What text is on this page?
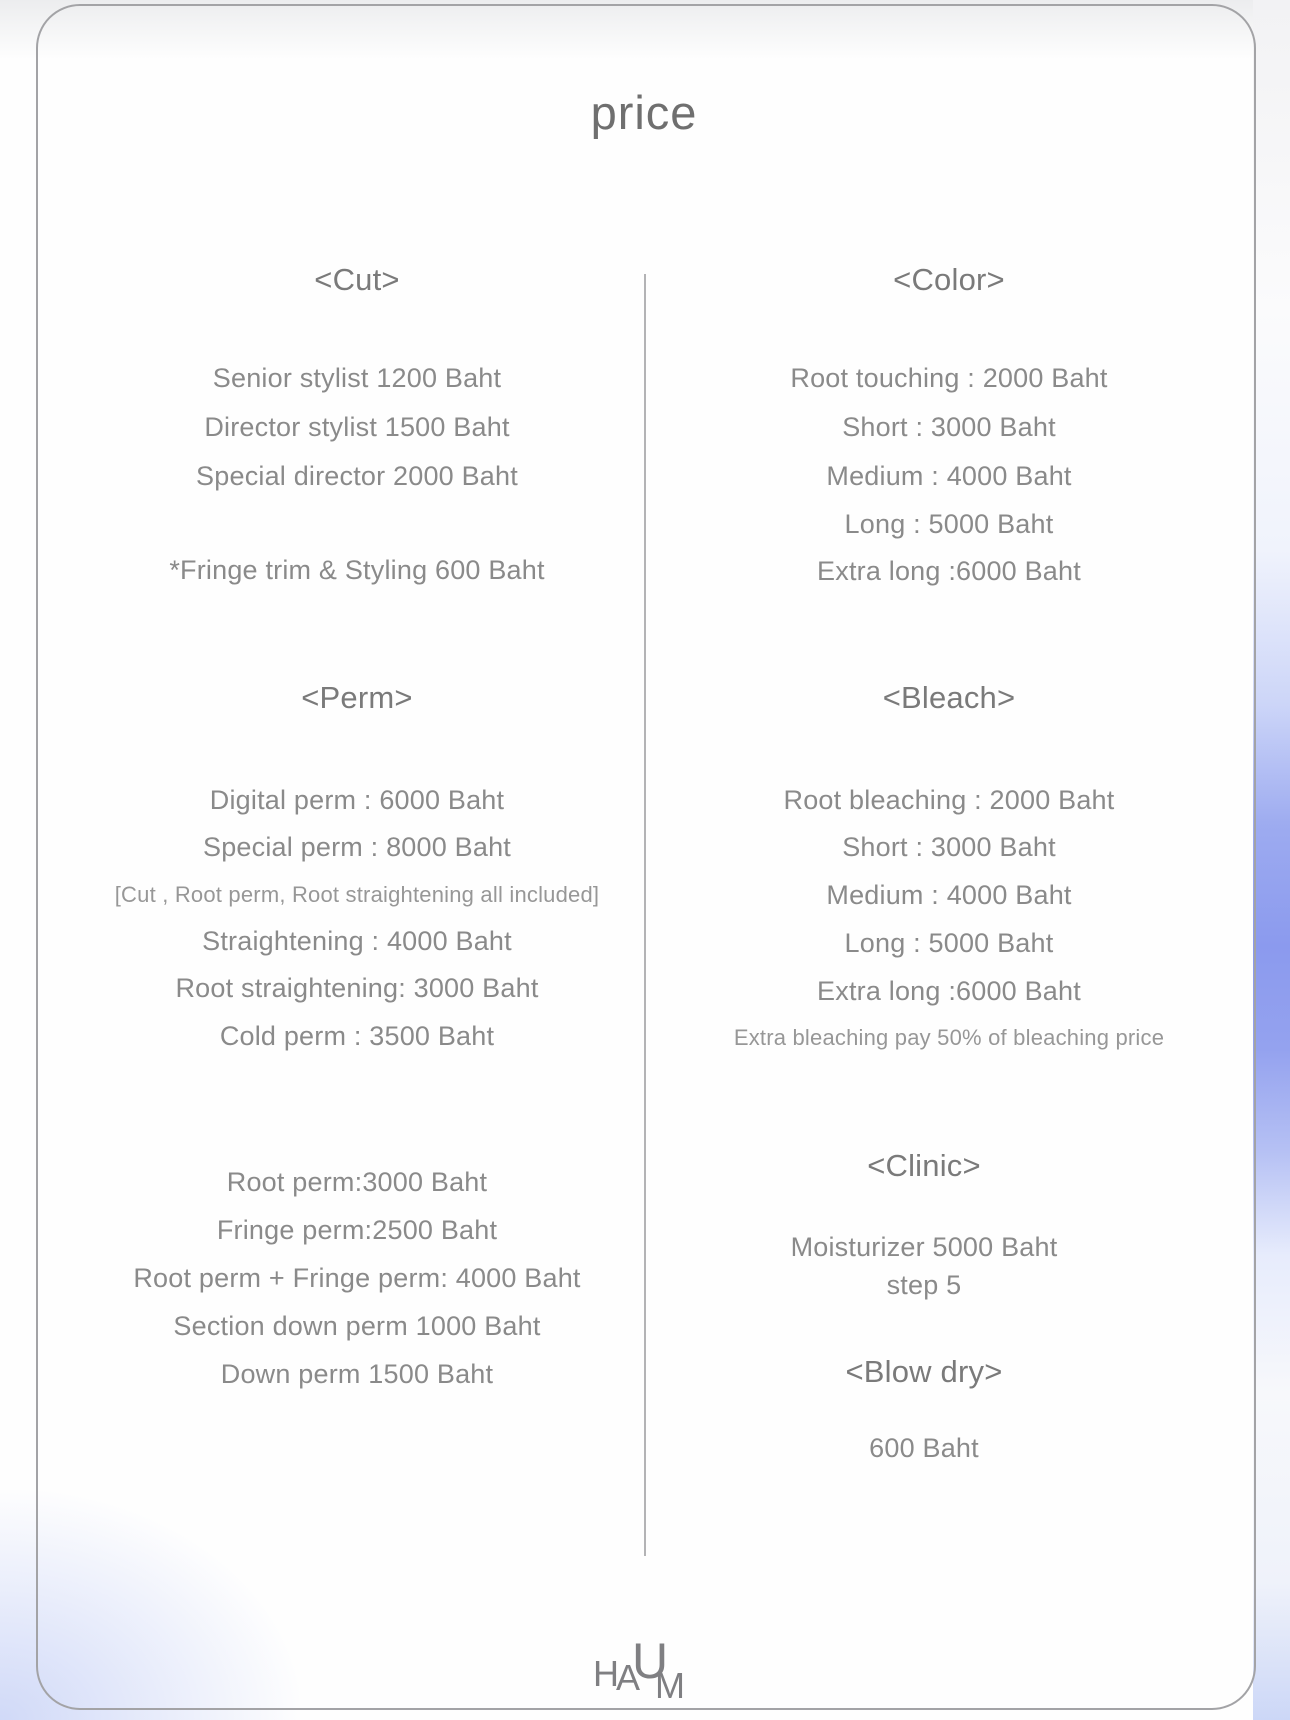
price
<Cut>
Senior stylist 1200 Baht
Director stylist 1500 Baht
Special director 2000 Baht
*Fringe trim & Styling 600 Baht
<Perm>
Digital perm : 6000 Baht
Special perm : 8000 Baht
[Cut , Root perm, Root straightening all included]
Straightening : 4000 Baht
Root straightening: 3000 Baht
Cold perm : 3500 Baht
Root perm:3000 Baht
Fringe perm:2500 Baht
Root perm + Fringe perm: 4000 Baht
Section down perm 1000 Baht
Down perm 1500 Baht
<Color>
Root touching : 2000 Baht
Short : 3000 Baht
Medium : 4000 Baht
Long : 5000 Baht
Extra long :6000 Baht
<Bleach>
Root bleaching : 2000 Baht
Short : 3000 Baht
Medium : 4000 Baht
Long : 5000 Baht
Extra long :6000 Baht
Extra bleaching pay 50% of bleaching price
<Clinic>
Moisturizer 5000 Baht
step 5
<Blow dry>
600 Baht
H
A
U
M
